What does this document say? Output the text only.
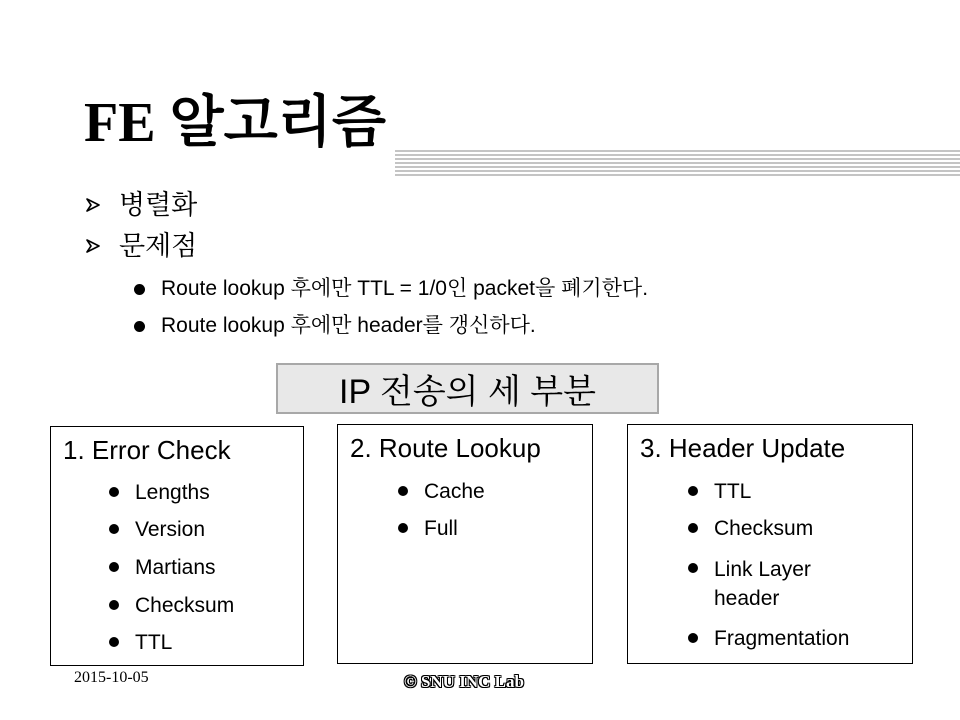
FE 알고리즘
병렬화
문제점
Route lookup 후에만 TTL = 1/0인 packet을 폐기한다.
Route lookup 후에만 header를 갱신하다.
IP 전송의 세 부분
1. Error Check
Lengths
Version
Martians
Checksum
TTL
2. Route Lookup
Cache
Full
3. Header Update
TTL
Checksum
Link Layer header
Fragmentation
2015-10-05	© SNU INC Lab
